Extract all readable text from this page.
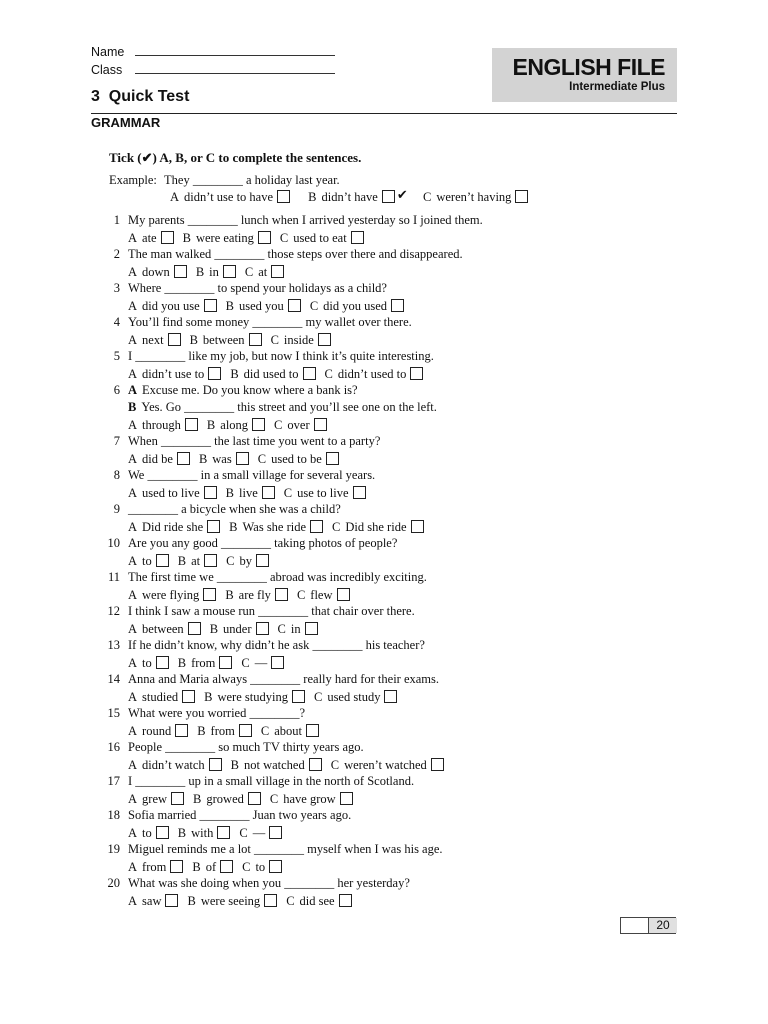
Name
Class	ENGLISH FILE
Intermediate Plus
3  Quick Test
GRAMMAR
Tick (✔) A, B, or C to complete the sentences.
Example: They ________ a holiday last year.
A didn’t use to have	B didn’t have ✔ C weren’t having
1 My parents ________ lunch when I arrived yesterday so I joined them.
A ate B were eating C used to eat
2 The man walked ________ those steps over there and disappeared.
A down B in C at
3 Where ________ to spend your holidays as a child?
A did you use B used you C did you used
4 You’ll find some money ________ my wallet over there.
A next B between C inside
5 I ________ like my job, but now I think it’s quite interesting.
A didn’t use to B did used to C didn’t used to
6 A Excuse me. Do you know where a bank is?
B Yes. Go ________ this street and you’ll see one on the left.
A through B along C over
7 When ________ the last time you went to a party?
A did be B was C used to be
8 We ________ in a small village for several years.
A used to live B live C use to live
9 ________ a bicycle when she was a child?
A Did ride she B Was she ride C Did she ride
10 Are you any good ________ taking photos of people?
A to B at C by
11 The first time we ________ abroad was incredibly exciting.
A were flying B are fly C flew
12 I think I saw a mouse run ________ that chair over there.
A between B under C in
13 If he didn’t know, why didn’t he ask ________ his teacher?
A to B from C —
14 Anna and Maria always ________ really hard for their exams.
A studied B were studying C used study
15 What were you worried ________?
A round B from C about
16 People ________ so much TV thirty years ago.
A didn’t watch B not watched C weren’t watched
17 I ________ up in a small village in the north of Scotland.
A grew B growed C have grow
18 Sofia married ________ Juan two years ago.
A to B with C —
19 Miguel reminds me a lot ________ myself when I was his age.
A from B of C to
20 What was she doing when you ________ her yesterday?
A saw B were seeing C did see
20
